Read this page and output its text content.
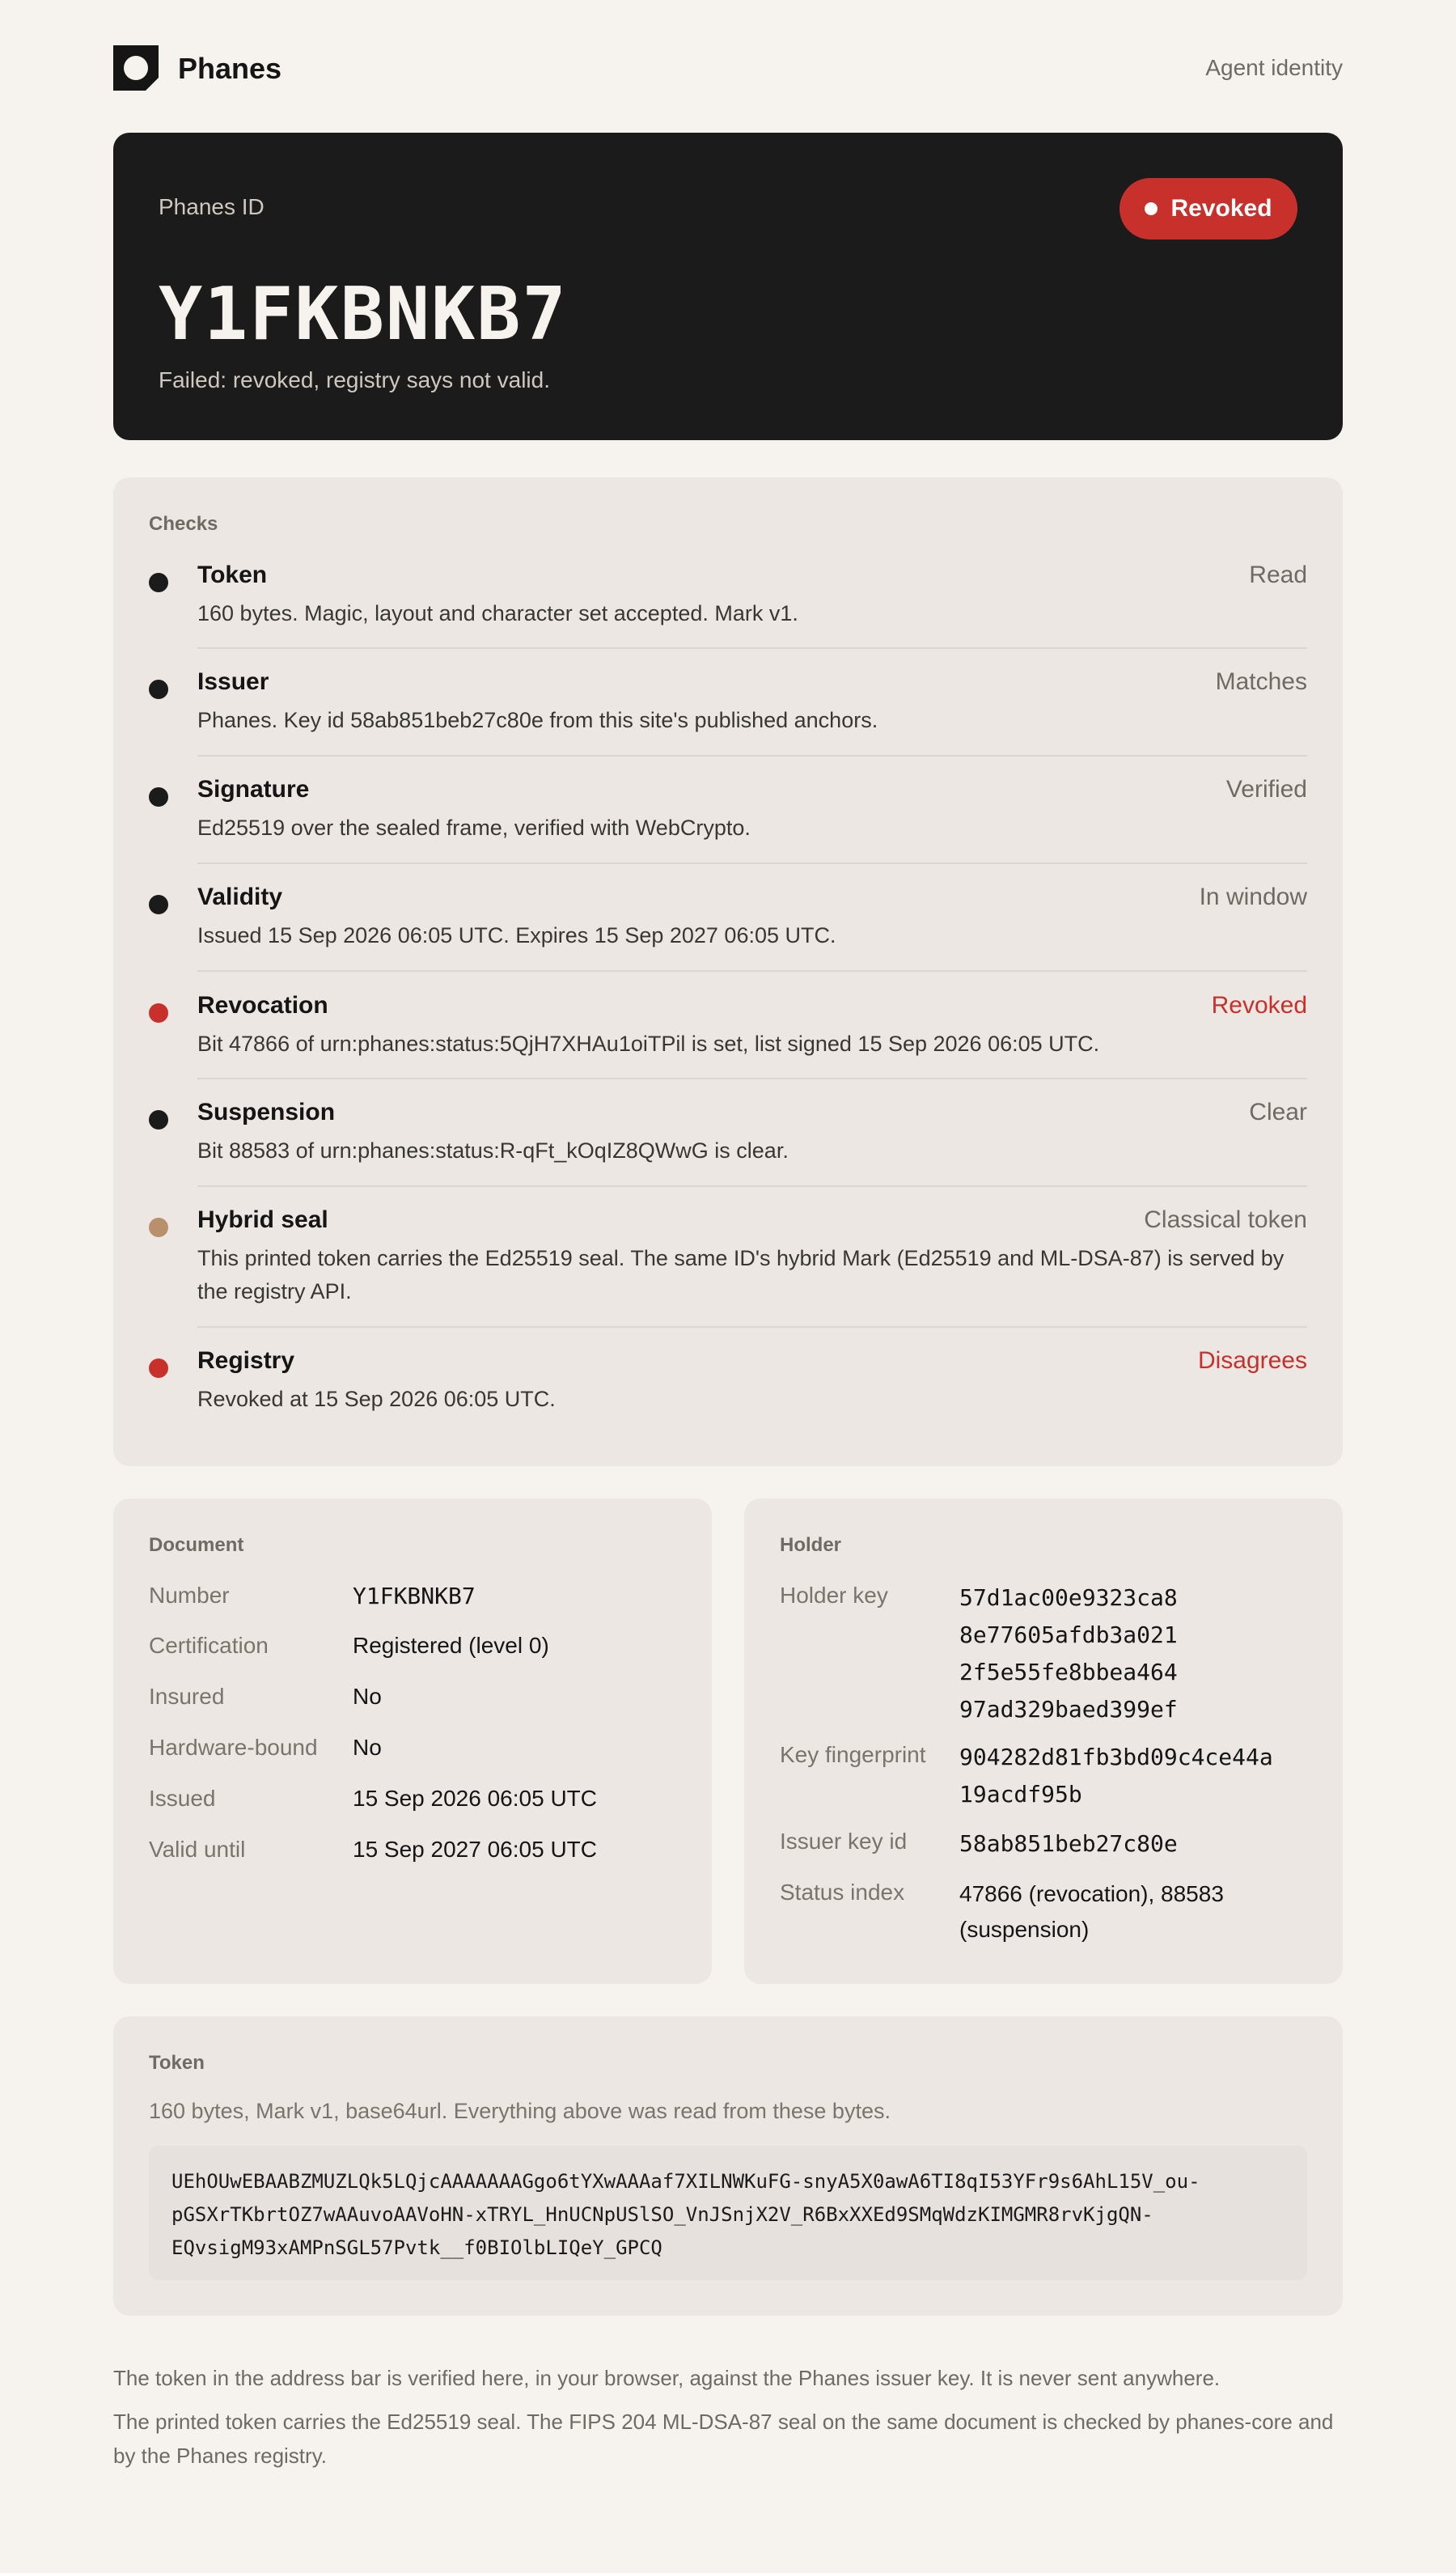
Phanes	Agent identity
Phanes ID	Revoked
Y1FKBNKB7
Failed: revoked, registry says not valid.
Checks
Token	Read
160 bytes. Magic, layout and character set accepted. Mark v1.
Issuer	Matches
Phanes. Key id 58ab851beb27c80e from this site's published anchors.
Signature	Verified
Ed25519 over the sealed frame, verified with WebCrypto.
Validity	In window
Issued 15 Sep 2026 06:05 UTC. Expires 15 Sep 2027 06:05 UTC.
Revocation	Revoked
Bit 47866 of urn:phanes:status:5QjH7XHAu1oiTPil is set, list signed 15 Sep 2026 06:05 UTC.
Suspension	Clear
Bit 88583 of urn:phanes:status:R-qFt_kOqIZ8QWwG is clear.
Hybrid seal	Classical token
This printed token carries the Ed25519 seal. The same ID's hybrid Mark (Ed25519 and ML-DSA-87) is served by the registry API.
Registry	Disagrees
Revoked at 15 Sep 2026 06:05 UTC.
Document
Number	Y1FKBNKB7
Certification	Registered (level 0)
Insured	No
Hardware-bound No
Issued	15 Sep 2026 06:05 UTC
Valid until	15 Sep 2027 06:05 UTC
Holder
Holder key	57d1ac00e9323ca8
8e77605afdb3a021
2f5e55fe8bbea464
97ad329baed399ef
Key fingerprint 904282d81fb3bd09c4ce44a
19acdf95b
Issuer key id 58ab851beb27c80e
Status index 47866 (revocation), 88583
(suspension)
Token
160 bytes, Mark v1, base64url. Everything above was read from these bytes.
UEhOUwEBAABZMUZLQk5LQjcAAAAAAAGgo6tYXwAAAaf7XILNWKuFG-snyA5X0awA6TI8qI53YFr9s6AhL15V_ou-
pGSXrTKbrtOZ7wAAuvoAAVoHN-xTRYL_HnUCNpUSlSO_VnJSnjX2V_R6BxXXEd9SMqWdzKIMGMR8rvKjgQN-
EQvsigM93xAMPnSGL57Pvtk__f0BIOlbLIQeY_GPCQ
The token in the address bar is verified here, in your browser, against the Phanes issuer key. It is never sent anywhere.
The printed token carries the Ed25519 seal. The FIPS 204 ML-DSA-87 seal on the same document is checked by phanes-core and by the Phanes registry.
